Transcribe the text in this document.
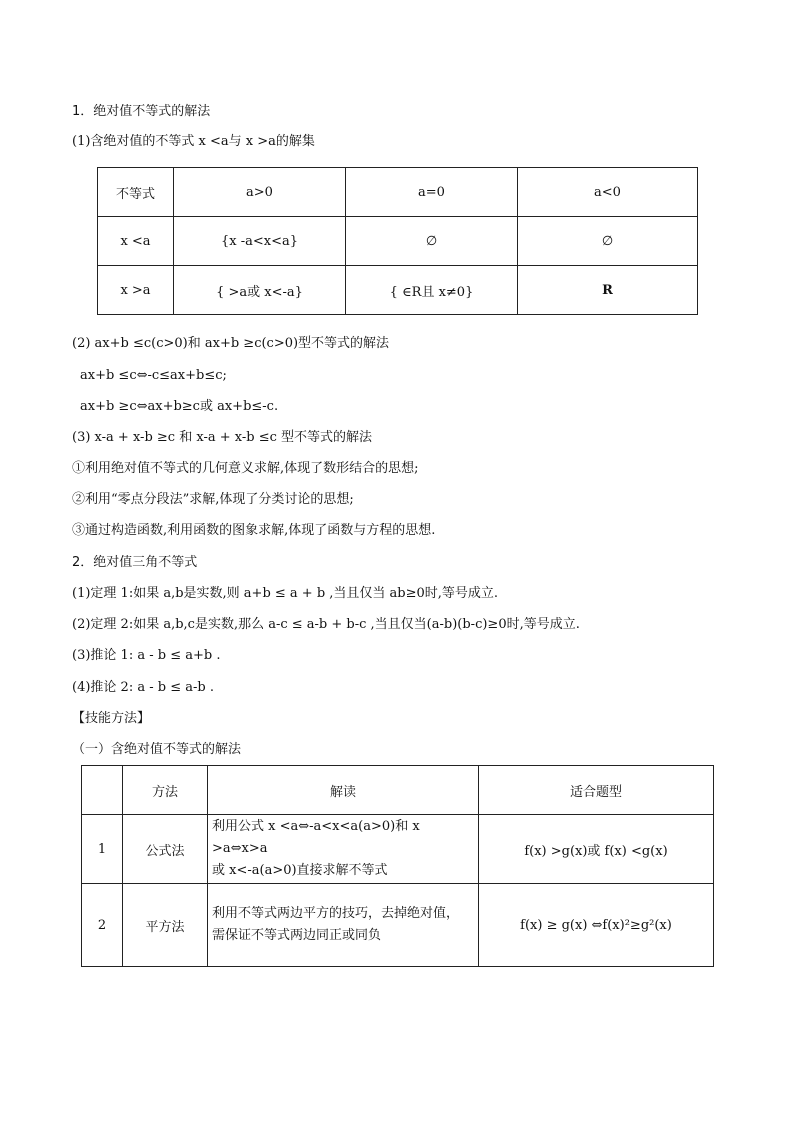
1．绝对值不等式的解法
(1)含绝对值的不等式 x <a与 x >a的解集
不等式	a>0	a=0	a<0
x <a	{x -a<x<a}	∅	∅
x >a	{ >a或 x<-a}	{ ∈R且 x≠0}	R
(2) ax+b ≤c(c>0)和 ax+b ≥c(c>0)型不等式的解法
ax+b ≤c⇔-c≤ax+b≤c;
ax+b ≥c⇔ax+b≥c或 ax+b≤-c.
(3) x-a + x-b ≥c 和 x-a + x-b ≤c 型不等式的解法
①利用绝对值不等式的几何意义求解,体现了数形结合的思想;
②利用“零点分段法”求解,体现了分类讨论的思想;
③通过构造函数,利用函数的图象求解,体现了函数与方程的思想.
2．绝对值三角不等式
(1)定理 1:如果 a,b是实数,则 a+b ≤ a + b ,当且仅当 ab≥0时,等号成立.
(2)定理 2:如果 a,b,c是实数,那么 a-c ≤ a-b + b-c ,当且仅当(a-b)(b-c)≥0时,等号成立.
(3)推论 1: a - b ≤ a+b .
(4)推论 2: a - b ≤ a-b .
【技能方法】
（一）含绝对值不等式的解法
	方法	解读	适合题型
1	公式法	利用公式 x <a⇔-a<x<a(a>0)和 x >a⇔x>a
或 x<-a(a>0)直接求解不等式	f(x) >g(x)或 f(x) <g(x)
2	平方法	利用不等式两边平方的技巧，去掉绝对值，
需保证不等式两边同正或同负	f(x) ≥ g(x) ⇔f(x)²≥g²(x)
